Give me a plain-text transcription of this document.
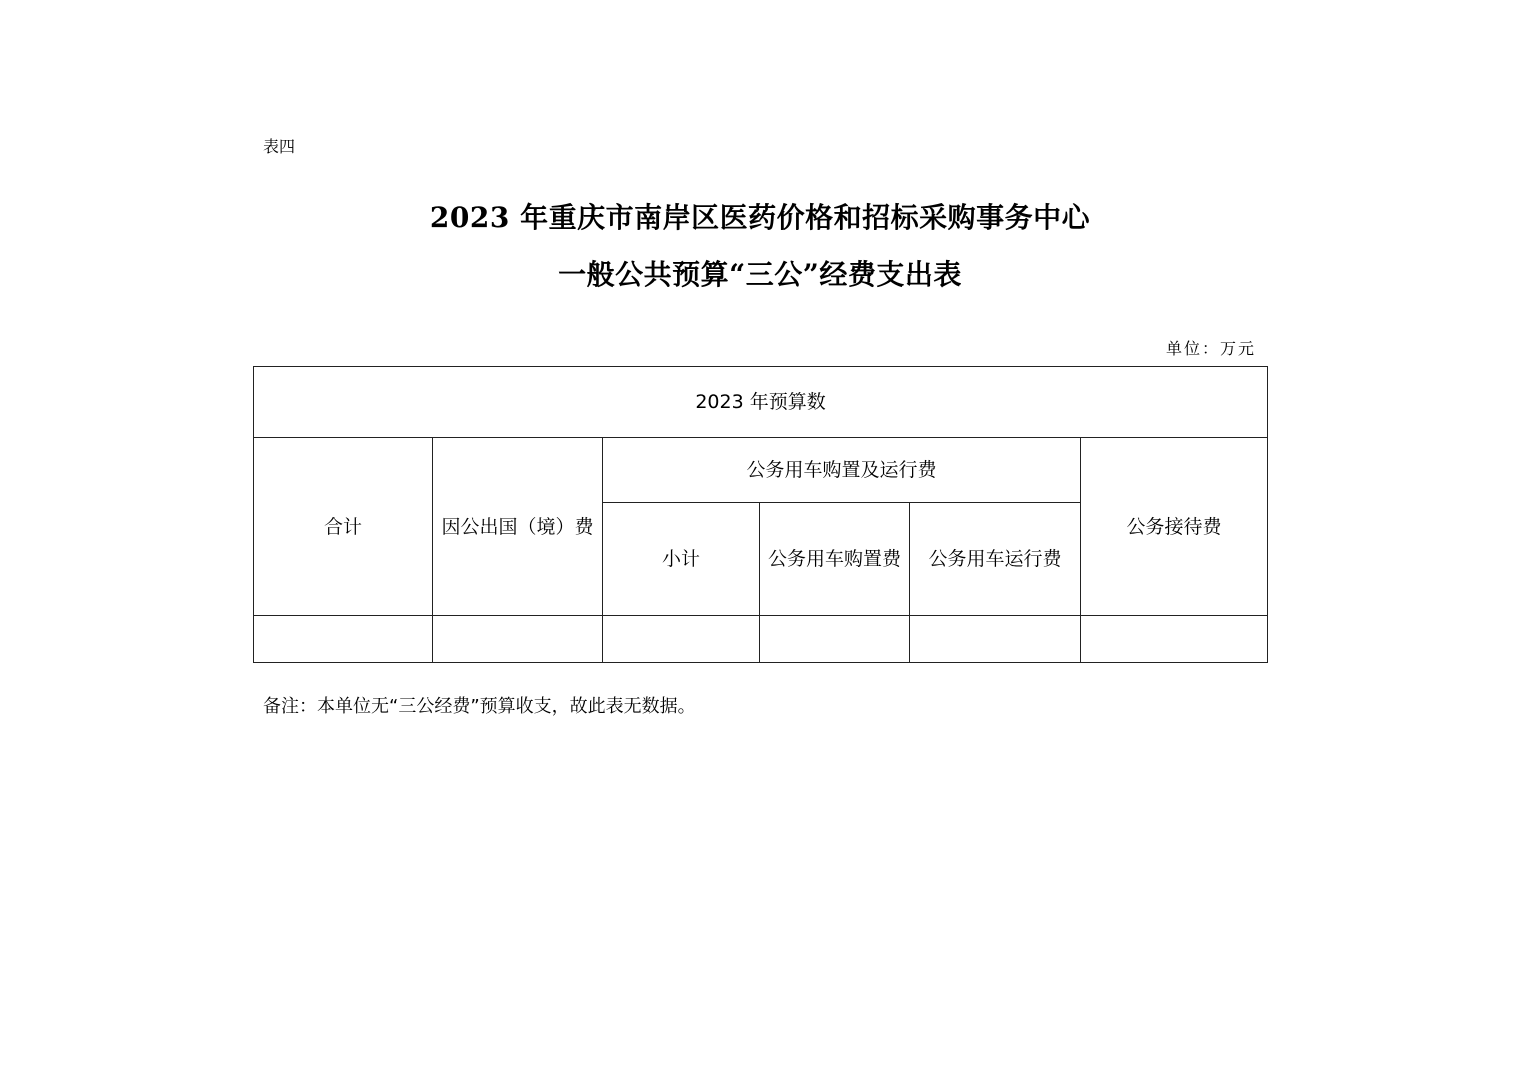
表四
2023 年重庆市南岸区医药价格和招标采购事务中心
一般公共预算“三公”经费支出表
单位：万元
2023 年预算数					
合计	因公出国（境）费	公务用车购置及运行费			公务接待费
		小计	公务用车购置费	公务用车运行费	

备注：本单位无“三公经费”预算收支，故此表无数据。
